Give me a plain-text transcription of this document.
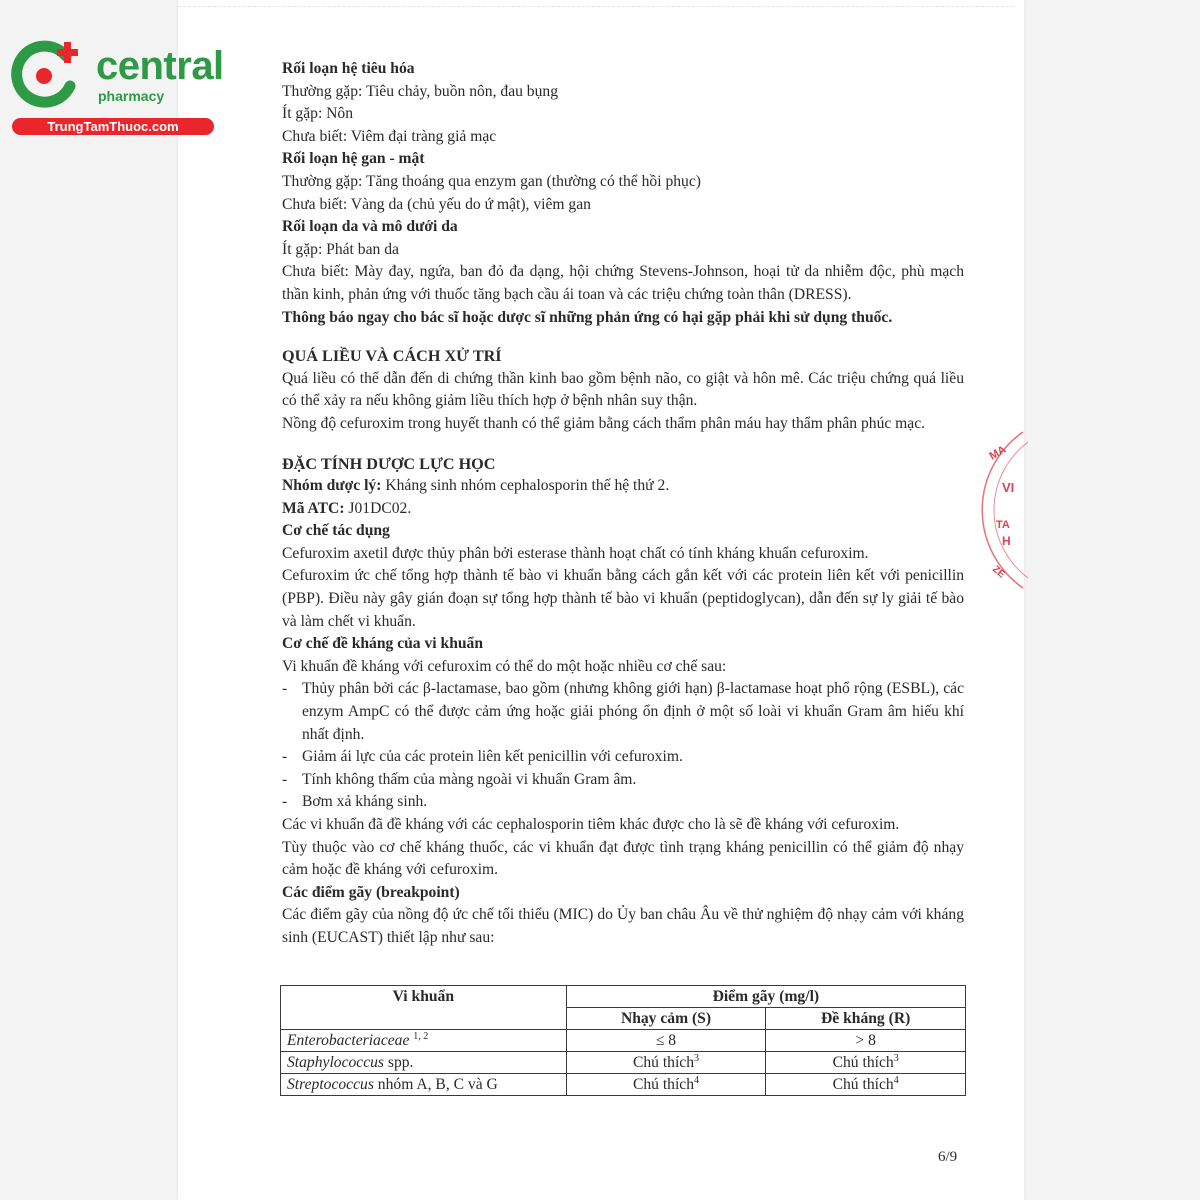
central
pharmacy
TrungTamThuoc.com
MA
VI
TA
H
ZE

Rối loạn hệ tiêu hóa

Thường gặp: Tiêu chảy, buồn nôn, đau bụng

Ít gặp: Nôn

Chưa biết: Viêm đại tràng giả mạc

Rối loạn hệ gan - mật

Thường gặp: Tăng thoáng qua enzym gan (thường có thể hồi phục)

Chưa biết: Vàng da (chủ yếu do ứ mật), viêm gan

Rối loạn da và mô dưới da

Ít gặp: Phát ban da

Chưa biết: Mày đay, ngứa, ban đỏ đa dạng, hội chứng Stevens-Johnson, hoại tử da nhiễm độc, phù mạch thần kinh, phản ứng với thuốc tăng bạch cầu ái toan và các triệu chứng toàn thân (DRESS).

Thông báo ngay cho bác sĩ hoặc dược sĩ những phản ứng có hại gặp phải khi sử dụng thuốc.

QUÁ LIỀU VÀ CÁCH XỬ TRÍ

Quá liều có thể dẫn đến di chứng thần kinh bao gồm bệnh não, co giật và hôn mê. Các triệu chứng quá liều có thể xảy ra nếu không giảm liều thích hợp ở bệnh nhân suy thận.

Nồng độ cefuroxim trong huyết thanh có thể giảm bằng cách thẩm phân máu hay thẩm phân phúc mạc.

ĐẶC TÍNH DƯỢC LỰC HỌC

Nhóm dược lý: Kháng sinh nhóm cephalosporin thế hệ thứ 2.

Mã ATC: J01DC02.

Cơ chế tác dụng

Cefuroxim axetil được thủy phân bởi esterase thành hoạt chất có tính kháng khuẩn cefuroxim.

Cefuroxim ức chế tổng hợp thành tế bào vi khuẩn bằng cách gắn kết với các protein liên kết với penicillin (PBP). Điều này gây gián đoạn sự tổng hợp thành tế bào vi khuẩn (peptidoglycan), dẫn đến sự ly giải tế bào và làm chết vi khuẩn.

Cơ chế đề kháng của vi khuẩn

Vi khuẩn đề kháng với cefuroxim có thể do một hoặc nhiều cơ chế sau:

- Thủy phân bởi các β-lactamase, bao gồm (nhưng không giới hạn) β-lactamase hoạt phổ rộng (ESBL), các enzym AmpC có thể được cảm ứng hoặc giải phóng ổn định ở một số loài vi khuẩn Gram âm hiếu khí nhất định.
- Giảm ái lực của các protein liên kết penicillin với cefuroxim.
- Tính không thấm của màng ngoài vi khuẩn Gram âm.
- Bơm xả kháng sinh.

Các vi khuẩn đã đề kháng với các cephalosporin tiêm khác được cho là sẽ đề kháng với cefuroxim.

Tùy thuộc vào cơ chế kháng thuốc, các vi khuẩn đạt được tình trạng kháng penicillin có thể giảm độ nhạy cảm hoặc đề kháng với cefuroxim.

Các điểm gãy (breakpoint)

Các điểm gãy của nồng độ ức chế tối thiểu (MIC) do Ủy ban châu Âu về thử nghiệm độ nhạy cảm với kháng sinh (EUCAST) thiết lập như sau:

Vi khuẩn	Điểm gãy (mg/l)	
	Nhạy cảm (S)	Đề kháng (R)
Enterobacteriaceae $^{1, 2}$	≤ 8	> 8
Staphylococcus spp.	Chú thích$^3$	Chú thích$^3$
Streptococcus nhóm A, B, C và G	Chú thích$^4$	Chú thích$^4$
6/9
